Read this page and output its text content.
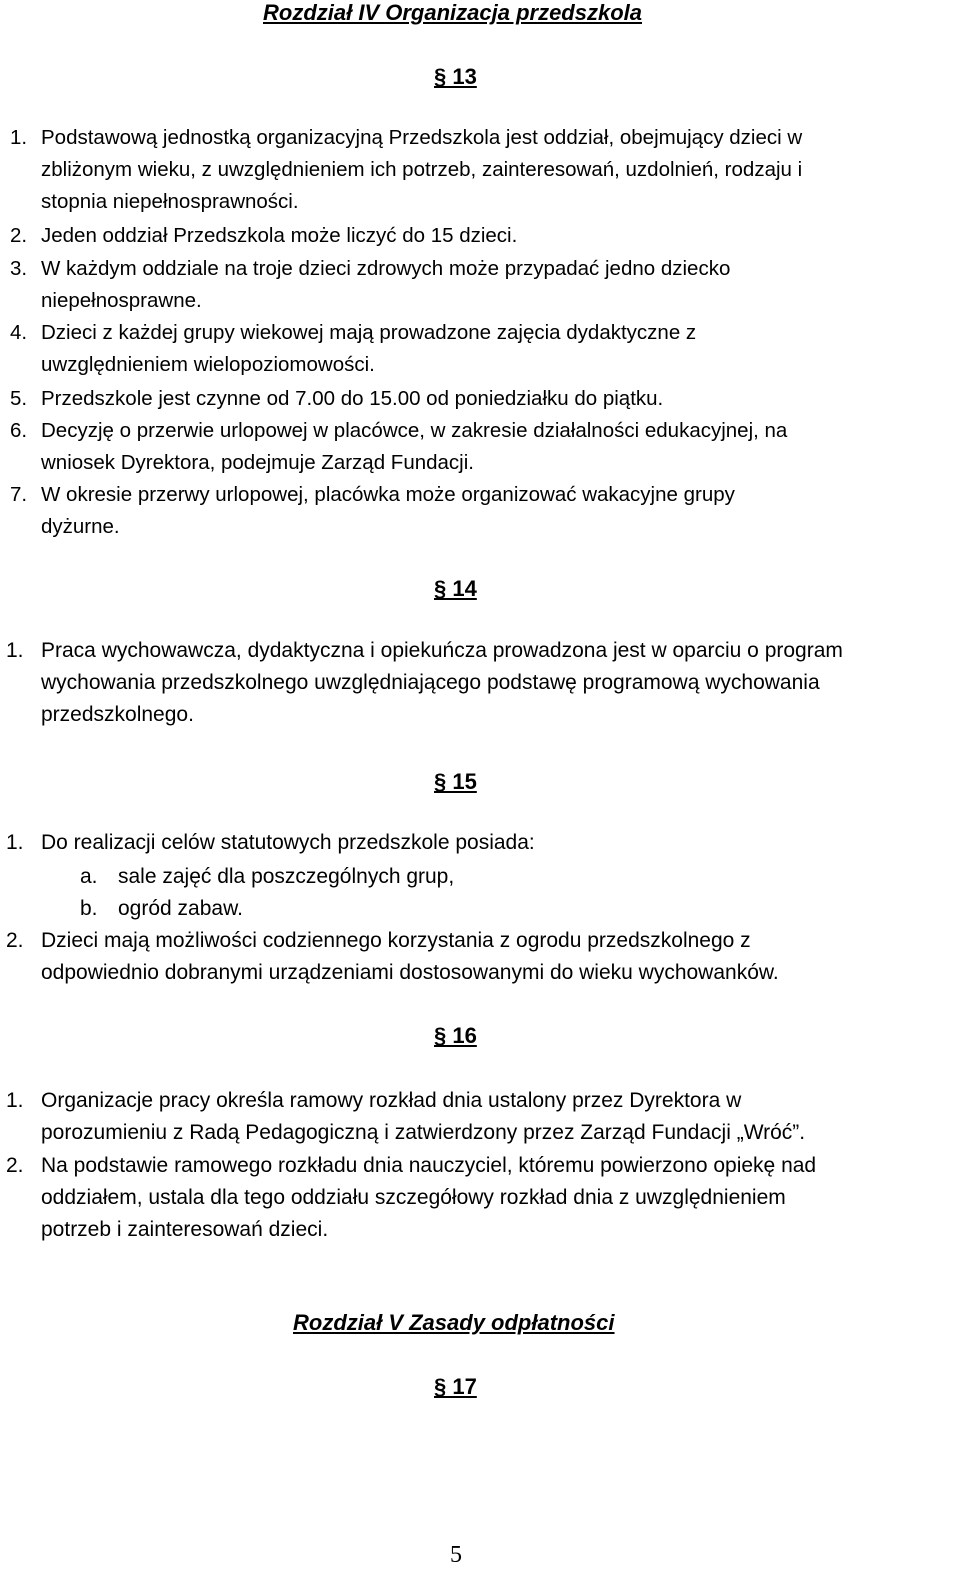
Rozdział IV Organizacja przedszkola
§ 13
1. Podstawową jednostką organizacyjną Przedszkola jest oddział, obejmujący dzieci w
zbliżonym wieku, z uwzględnieniem ich potrzeb, zainteresowań, uzdolnień, rodzaju i
stopnia niepełnosprawności.
2. Jeden oddział Przedszkola może liczyć do 15 dzieci.
3. W każdym oddziale na troje dzieci zdrowych może przypadać jedno dziecko
niepełnosprawne.
4. Dzieci z każdej grupy wiekowej mają prowadzone zajęcia dydaktyczne z
uwzględnieniem wielopoziomowości.
5. Przedszkole jest czynne od 7.00 do 15.00 od poniedziałku do piątku.
6. Decyzję o przerwie urlopowej w placówce, w zakresie działalności edukacyjnej, na
wniosek Dyrektora, podejmuje Zarząd Fundacji.
7. W okresie przerwy urlopowej, placówka może organizować wakacyjne grupy
dyżurne.
§ 14
1. Praca wychowawcza, dydaktyczna i opiekuńcza prowadzona jest w oparciu o program
wychowania przedszkolnego uwzględniającego podstawę programową wychowania
przedszkolnego.
§ 15
1. Do realizacji celów statutowych przedszkole posiada:
a. sale zajęć dla poszczególnych grup,
b. ogród zabaw.
2. Dzieci mają możliwości codziennego korzystania z ogrodu przedszkolnego z
odpowiednio dobranymi urządzeniami dostosowanymi do wieku wychowanków.
§ 16
1. Organizacje pracy określa ramowy rozkład dnia ustalony przez Dyrektora w
porozumieniu z Radą Pedagogiczną i zatwierdzony przez Zarząd Fundacji „Wróć”.
2. Na podstawie ramowego rozkładu dnia nauczyciel, któremu powierzono opiekę nad
oddziałem, ustala dla tego oddziału szczegółowy rozkład dnia z uwzględnieniem
potrzeb i zainteresowań dzieci.
Rozdział V Zasady odpłatności
§ 17
5
